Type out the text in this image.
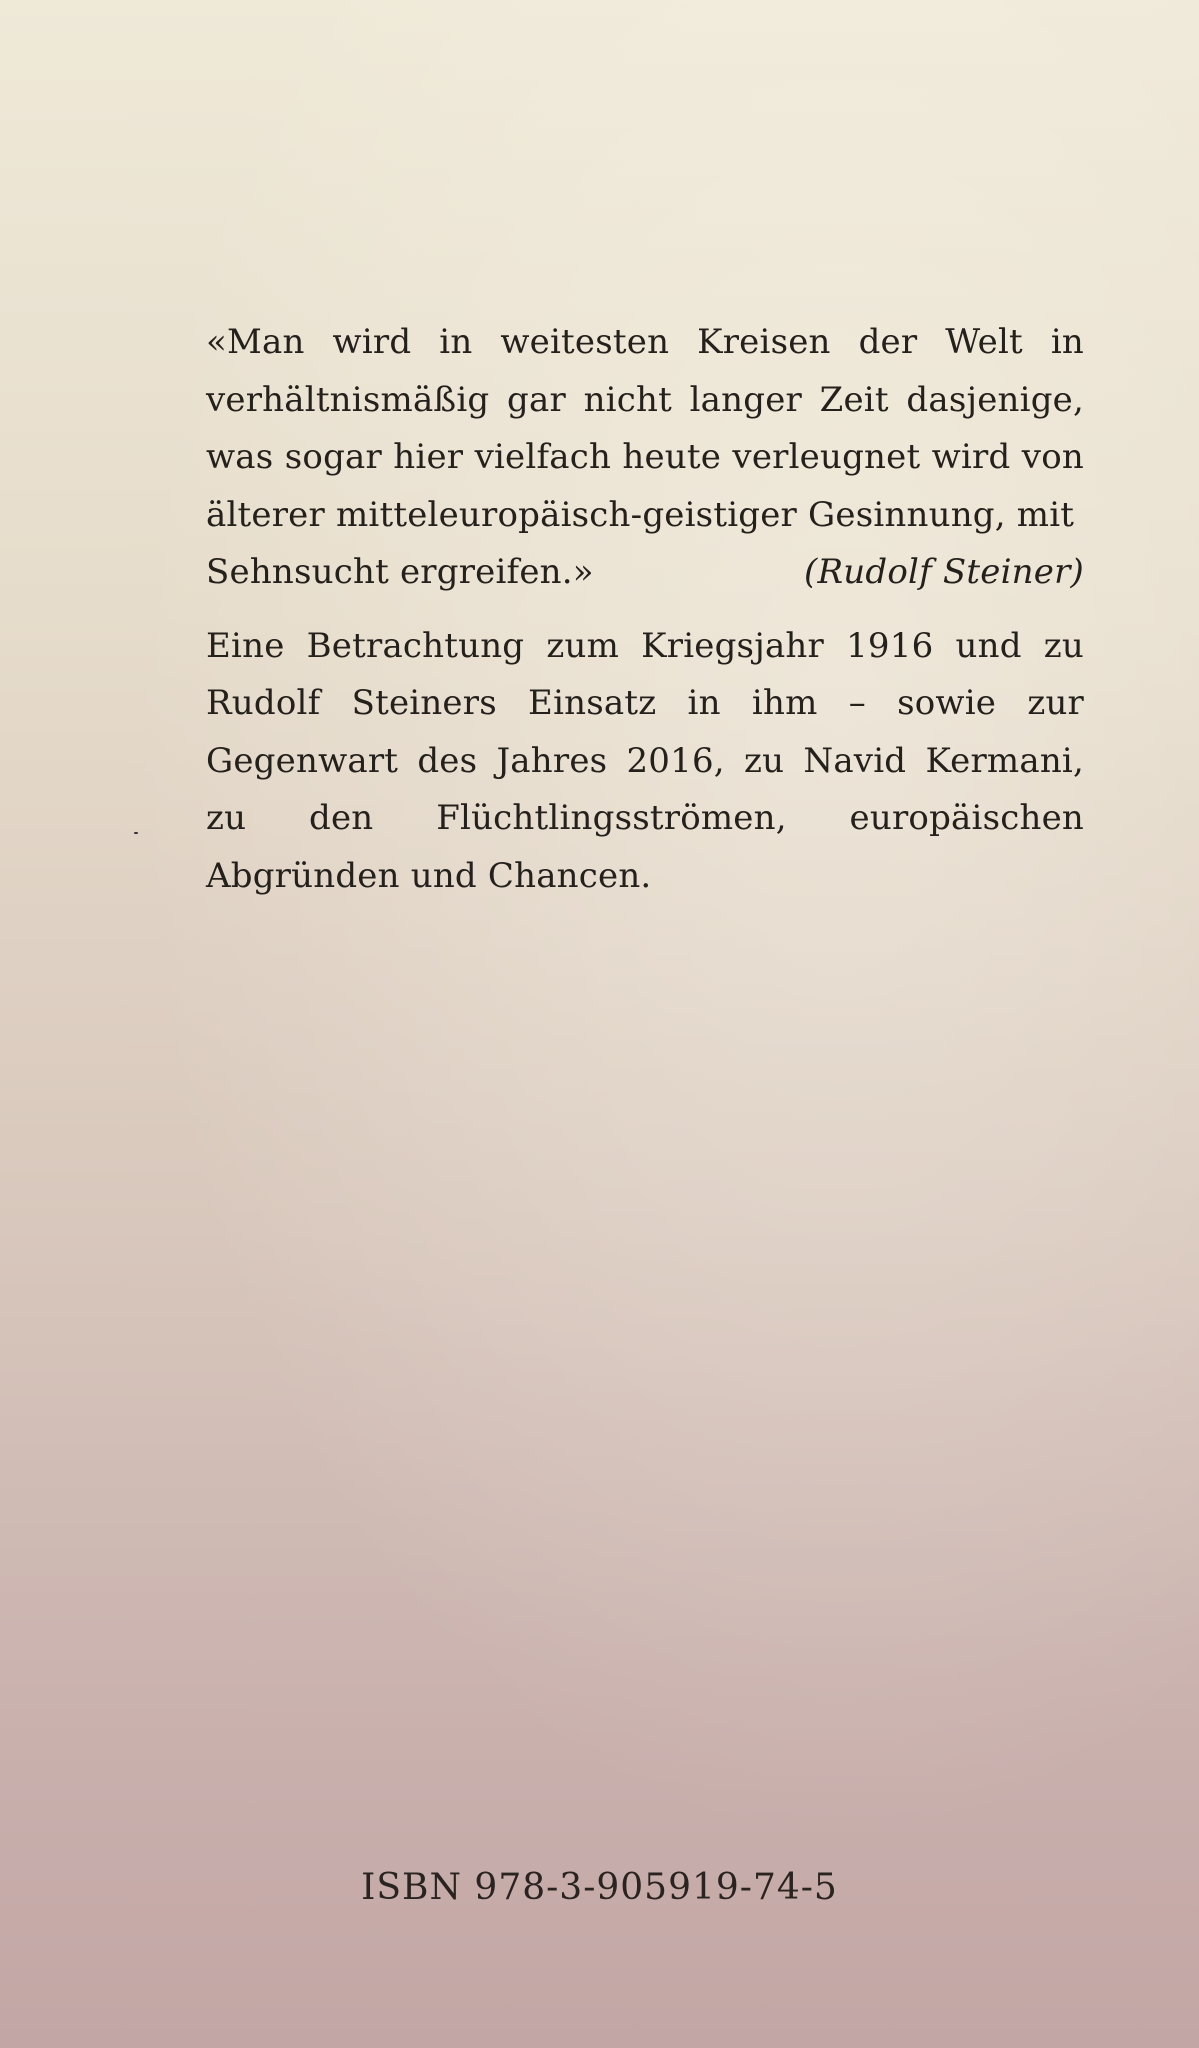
«Man wird in weitesten Kreisen der Welt in verhältnismäßig gar nicht langer Zeit dasjenige, was sogar hier vielfach heute verleugnet wird von älterer mitteleuropäisch-geistiger Gesinnung, mit

Sehnsucht ergreifen.»	(Rudolf Steiner)

Eine Betrachtung zum Kriegsjahr 1916 und zu Rudolf Steiners Einsatz in ihm – sowie zur Gegenwart des Jahres 2016, zu Navid Kermani, zu den Flüchtlingsströmen, europäischen Abgründen und Chancen.

ISBN 978-3-905919-74-5
